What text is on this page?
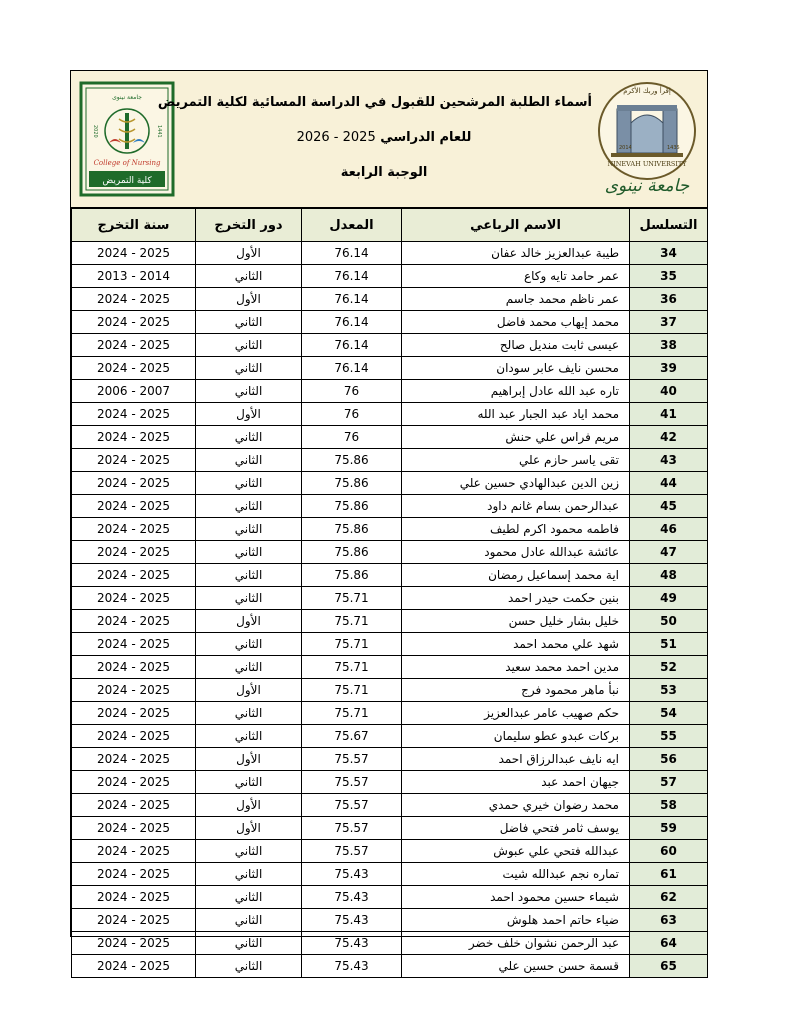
جامعة نينوى
2020	1441
College of Nursing
كلية التمريض
أسماء الطلبة المرشحين للقبول في الدراسة المسائية لكلية التمريض
للعام الدراسي 2025 - 2026
الوجبة الرابعة
إقرأ وربك الأكرم
2014	1435
NINEVAH UNIVERSITY
جامعة نينوى
سنة التخرج	دور التخرج	المعدل	الاسم الرباعي	التسلسل
2024 - 2025	الأول	76.14	طيبة عبدالعزيز خالد عفان	34
2013 - 2014	الثاني	76.14	عمر حامد تايه وكاع	35
2024 - 2025	الأول	76.14	عمر ناظم محمد جاسم	36
2024 - 2025	الثاني	76.14	محمد إيهاب محمد فاضل	37
2024 - 2025	الثاني	76.14	عيسى ثابت منديل صالح	38
2024 - 2025	الثاني	76.14	محسن نايف عابر سودان	39
2006 - 2007	الثاني	76	تاره عبد الله عادل إبراهيم	40
2024 - 2025	الأول	76	محمد اياد عبد الجبار عبد الله	41
2024 - 2025	الثاني	76	مريم فراس علي حنش	42
2024 - 2025	الثاني	75.86	تقى ياسر حازم علي	43
2024 - 2025	الثاني	75.86	زين الدين عبدالهادي حسين علي	44
2024 - 2025	الثاني	75.86	عبدالرحمن بسام غانم داود	45
2024 - 2025	الثاني	75.86	فاطمه محمود اكرم لطيف	46
2024 - 2025	الثاني	75.86	عائشة عبدالله عادل محمود	47
2024 - 2025	الثاني	75.86	اية محمد إسماعيل رمضان	48
2024 - 2025	الثاني	75.71	بنين حكمت حيدر احمد	49
2024 - 2025	الأول	75.71	خليل بشار خليل حسن	50
2024 - 2025	الثاني	75.71	شهد علي محمد احمد	51
2024 - 2025	الثاني	75.71	مدين احمد محمد سعيد	52
2024 - 2025	الأول	75.71	نبأ ماهر محمود فرج	53
2024 - 2025	الثاني	75.71	حكم صهيب عامر عبدالعزيز	54
2024 - 2025	الثاني	75.67	بركات عبدو عطو سليمان	55
2024 - 2025	الأول	75.57	ايه نايف عبدالرزاق احمد	56
2024 - 2025	الثاني	75.57	جيهان احمد عبد	57
2024 - 2025	الأول	75.57	محمد رضوان خيري حمدي	58
2024 - 2025	الأول	75.57	يوسف ثامر فتحي فاضل	59
2024 - 2025	الثاني	75.57	عبدالله فتحي علي عبوش	60
2024 - 2025	الثاني	75.43	تماره نجم عبدالله شيت	61
2024 - 2025	الثاني	75.43	شيماء حسين محمود احمد	62
2024 - 2025	الثاني	75.43	ضياء حاتم احمد هلوش	63
2024 - 2025	الثاني	75.43	عبد الرحمن نشوان خلف خضر	64
2024 - 2025	الثاني	75.43	قسمة حسن حسين علي	65
